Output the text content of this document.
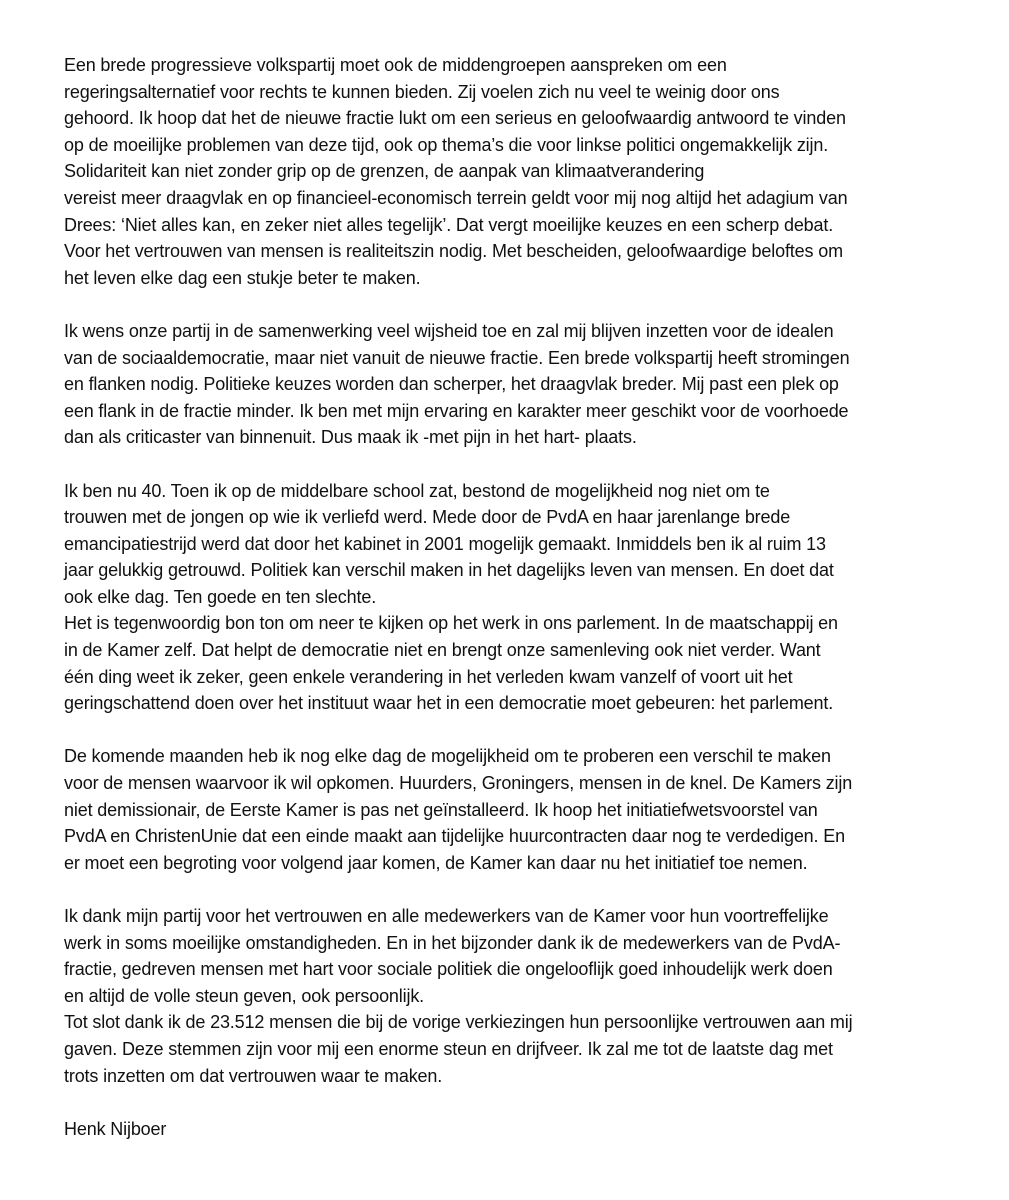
Een brede progressieve volkspartij moet ook de middengroepen aanspreken om een
regeringsalternatief voor rechts te kunnen bieden. Zij voelen zich nu veel te weinig door ons
gehoord. Ik hoop dat het de nieuwe fractie lukt om een serieus en geloofwaardig antwoord te vinden
op de moeilijke problemen van deze tijd, ook op thema’s die voor linkse politici ongemakkelijk zijn.
Solidariteit kan niet zonder grip op de grenzen, de aanpak van klimaatverandering
vereist meer draagvlak en op financieel-economisch terrein geldt voor mij nog altijd het adagium van
Drees: ‘Niet alles kan, en zeker niet alles tegelijk’. Dat vergt moeilijke keuzes en een scherp debat.
Voor het vertrouwen van mensen is realiteitszin nodig. Met bescheiden, geloofwaardige beloftes om
het leven elke dag een stukje beter te maken.
Ik wens onze partij in de samenwerking veel wijsheid toe en zal mij blijven inzetten voor de idealen
van de sociaaldemocratie, maar niet vanuit de nieuwe fractie. Een brede volkspartij heeft stromingen
en flanken nodig. Politieke keuzes worden dan scherper, het draagvlak breder. Mij past een plek op
een flank in de fractie minder. Ik ben met mijn ervaring en karakter meer geschikt voor de voorhoede
dan als criticaster van binnenuit. Dus maak ik -met pijn in het hart- plaats.
Ik ben nu 40. Toen ik op de middelbare school zat, bestond de mogelijkheid nog niet om te
trouwen met de jongen op wie ik verliefd werd. Mede door de PvdA en haar jarenlange brede
emancipatiestrijd werd dat door het kabinet in 2001 mogelijk gemaakt. Inmiddels ben ik al ruim 13
jaar gelukkig getrouwd. Politiek kan verschil maken in het dagelijks leven van mensen. En doet dat
ook elke dag. Ten goede en ten slechte.
Het is tegenwoordig bon ton om neer te kijken op het werk in ons parlement. In de maatschappij en
in de Kamer zelf. Dat helpt de democratie niet en brengt onze samenleving ook niet verder. Want
één ding weet ik zeker, geen enkele verandering in het verleden kwam vanzelf of voort uit het
geringschattend doen over het instituut waar het in een democratie moet gebeuren: het parlement.
De komende maanden heb ik nog elke dag de mogelijkheid om te proberen een verschil te maken
voor de mensen waarvoor ik wil opkomen. Huurders, Groningers, mensen in de knel. De Kamers zijn
niet demissionair, de Eerste Kamer is pas net geïnstalleerd. Ik hoop het initiatiefwetsvoorstel van
PvdA en ChristenUnie dat een einde maakt aan tijdelijke huurcontracten daar nog te verdedigen. En
er moet een begroting voor volgend jaar komen, de Kamer kan daar nu het initiatief toe nemen.
Ik dank mijn partij voor het vertrouwen en alle medewerkers van de Kamer voor hun voortreffelijke
werk in soms moeilijke omstandigheden. En in het bijzonder dank ik de medewerkers van de PvdA-
fractie, gedreven mensen met hart voor sociale politiek die ongelooflijk goed inhoudelijk werk doen
en altijd de volle steun geven, ook persoonlijk.
Tot slot dank ik de 23.512 mensen die bij de vorige verkiezingen hun persoonlijke vertrouwen aan mij
gaven. Deze stemmen zijn voor mij een enorme steun en drijfveer. Ik zal me tot de laatste dag met
trots inzetten om dat vertrouwen waar te maken.

Henk Nijboer
